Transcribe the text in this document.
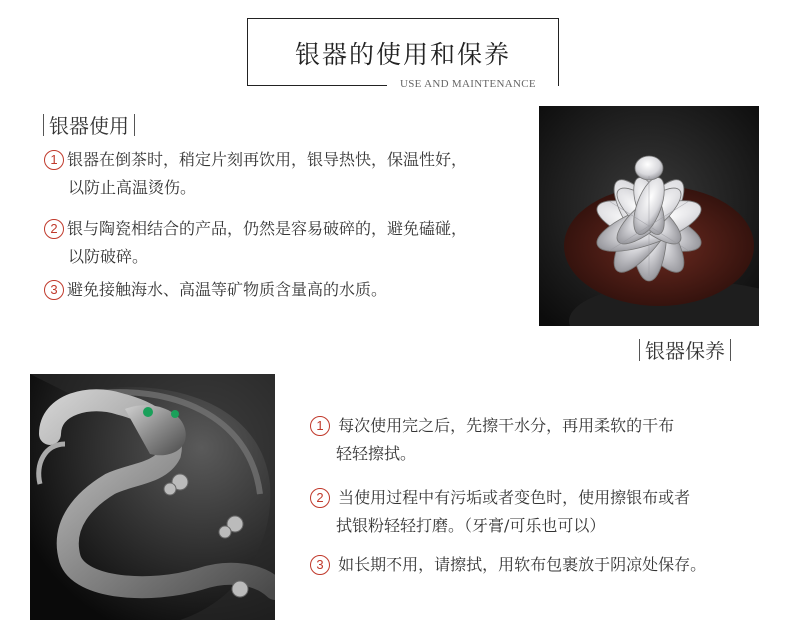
银器的使用和保养
USE AND MAINTENANCE
银器使用
1 银器在倒茶时，稍定片刻再饮用，银导热快，保温性好，
以防止高温烫伤。
2 银与陶瓷相结合的产品，仍然是容易破碎的，避免磕碰，
以防破碎。
3 避免接触海水、高温等矿物质含量高的水质。
银器保养
1 每次使用完之后，先擦干水分，再用柔软的干布
轻轻擦拭。
2 当使用过程中有污垢或者变色时，使用擦银布或者
拭银粉轻轻打磨。（牙膏/可乐也可以）
3 如长期不用，请擦拭，用软布包裹放于阴凉处保存。
